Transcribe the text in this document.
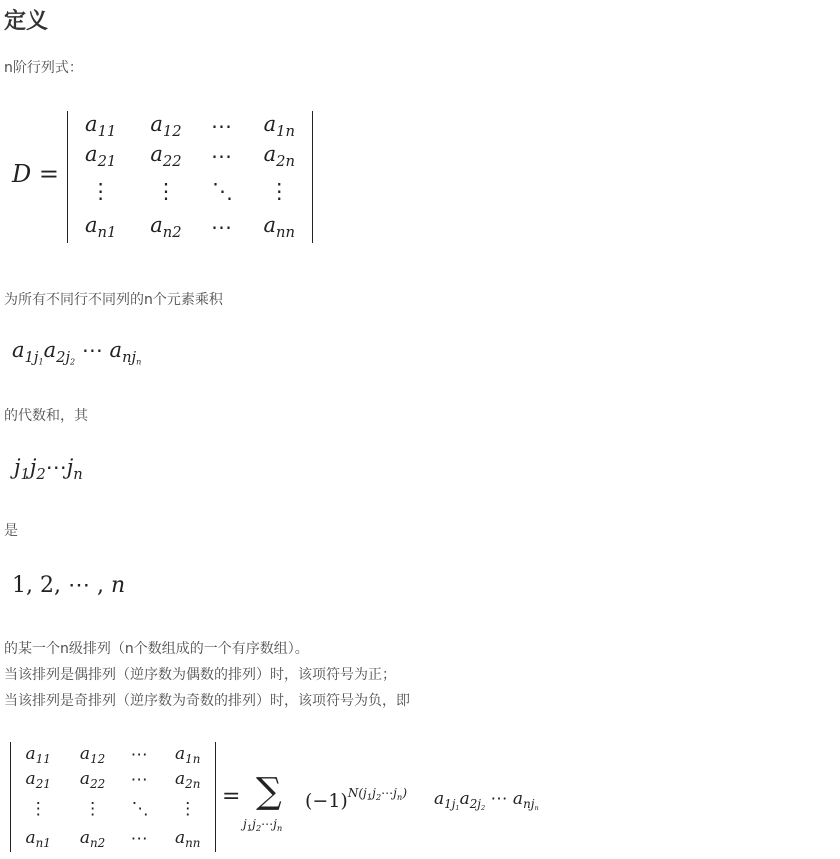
定义
n阶行列式：
D =
$a_{11}$	$a_{12}$	⋯	$a_{1n}$
$a_{21}$	$a_{22}$	⋯	$a_{2n}$
⋮	⋮	⋱	⋮
$a_{n1}$	$a_{n2}$	⋯	$a_{nn}$
为所有不同行不同列的n个元素乘积
$a_{1j1}a_{2j2}$ ⋯ $a_{njn}$
的代数和，其
$j_1j_2\cdots j_n$
是
1, 2, ⋯ , n
的某一个n级排列（n个数组成的一个有序数组）。
当该排列是偶排列（逆序数为偶数的排列）时，该项符号为正；
当该排列是奇排列（逆序数为奇数的排列）时，该项符号为负，即
$a_{11}$	$a_{12}$	⋯	$a_{1n}$
$a_{21}$	$a_{22}$	⋯	$a_{2n}$
⋮	⋮	⋱	⋮
$a_{n1}$	$a_{n2}$	⋯	$a_{nn}$
= ∑
$j_1j_2\cdots j_n$
$(-1)^{N(j_1j_2\cdots j_n)}$ $a_{1j1}a_{2j2}$ ⋯ $a_{njn}$
